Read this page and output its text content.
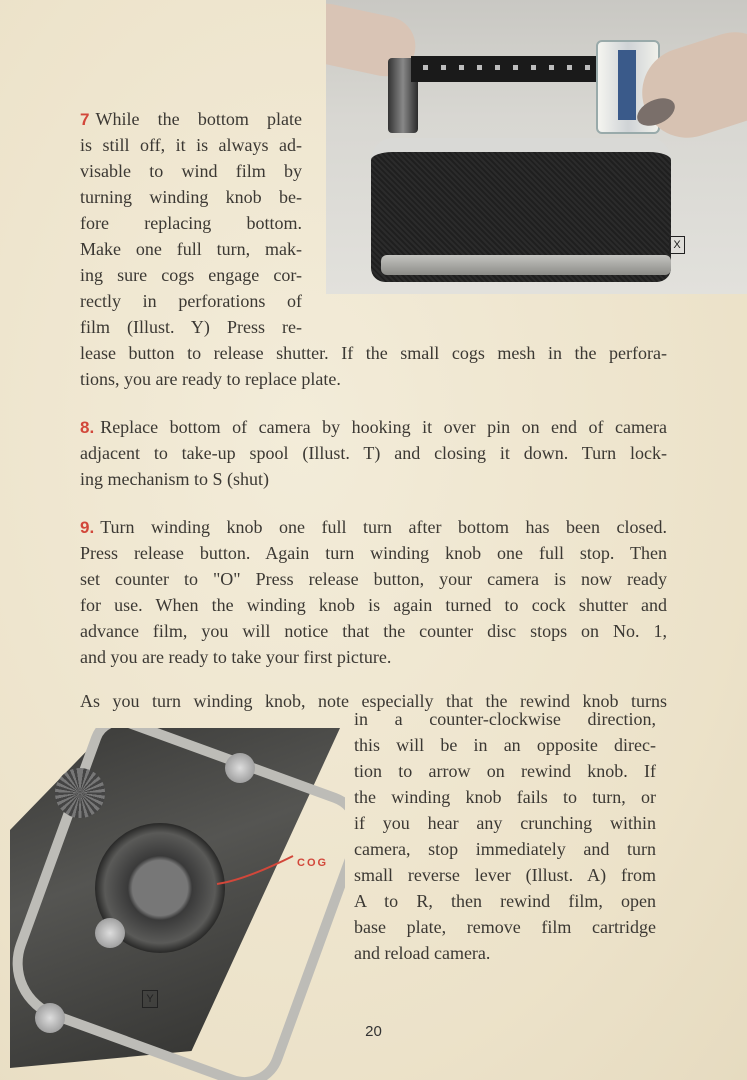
X
7 While the bottom plate
is still off, it is always ad-
visable to wind film by
turning winding knob be-
fore replacing bottom.
Make one full turn, mak-
ing sure cogs engage cor-
rectly in perforations of
film (Illust. Y) Press re-
lease button to release shutter. If the small cogs mesh in the perfora-
tions, you are ready to replace plate.
8. Replace bottom of camera by hooking it over pin on end of camera
adjacent to take-up spool (Illust. T) and closing it down. Turn lock-
ing mechanism to S (shut)
9. Turn winding knob one full turn after bottom has been closed.
Press release button. Again turn winding knob one full stop. Then
set counter to "O" Press release button, your camera is now ready
for use. When the winding knob is again turned to cock shutter and
advance film, you will notice that the counter disc stops on No. 1,
and you are ready to take your first picture.
As you turn winding knob, note especially that the rewind knob turns
Y
COG
in a counter-clockwise direction,
this will be in an opposite direc-
tion to arrow on rewind knob. If
the winding knob fails to turn, or
if you hear any crunching within
camera, stop immediately and turn
small reverse lever (Illust. A) from
A to R, then rewind film, open
base plate, remove film cartridge
and reload camera.
20
